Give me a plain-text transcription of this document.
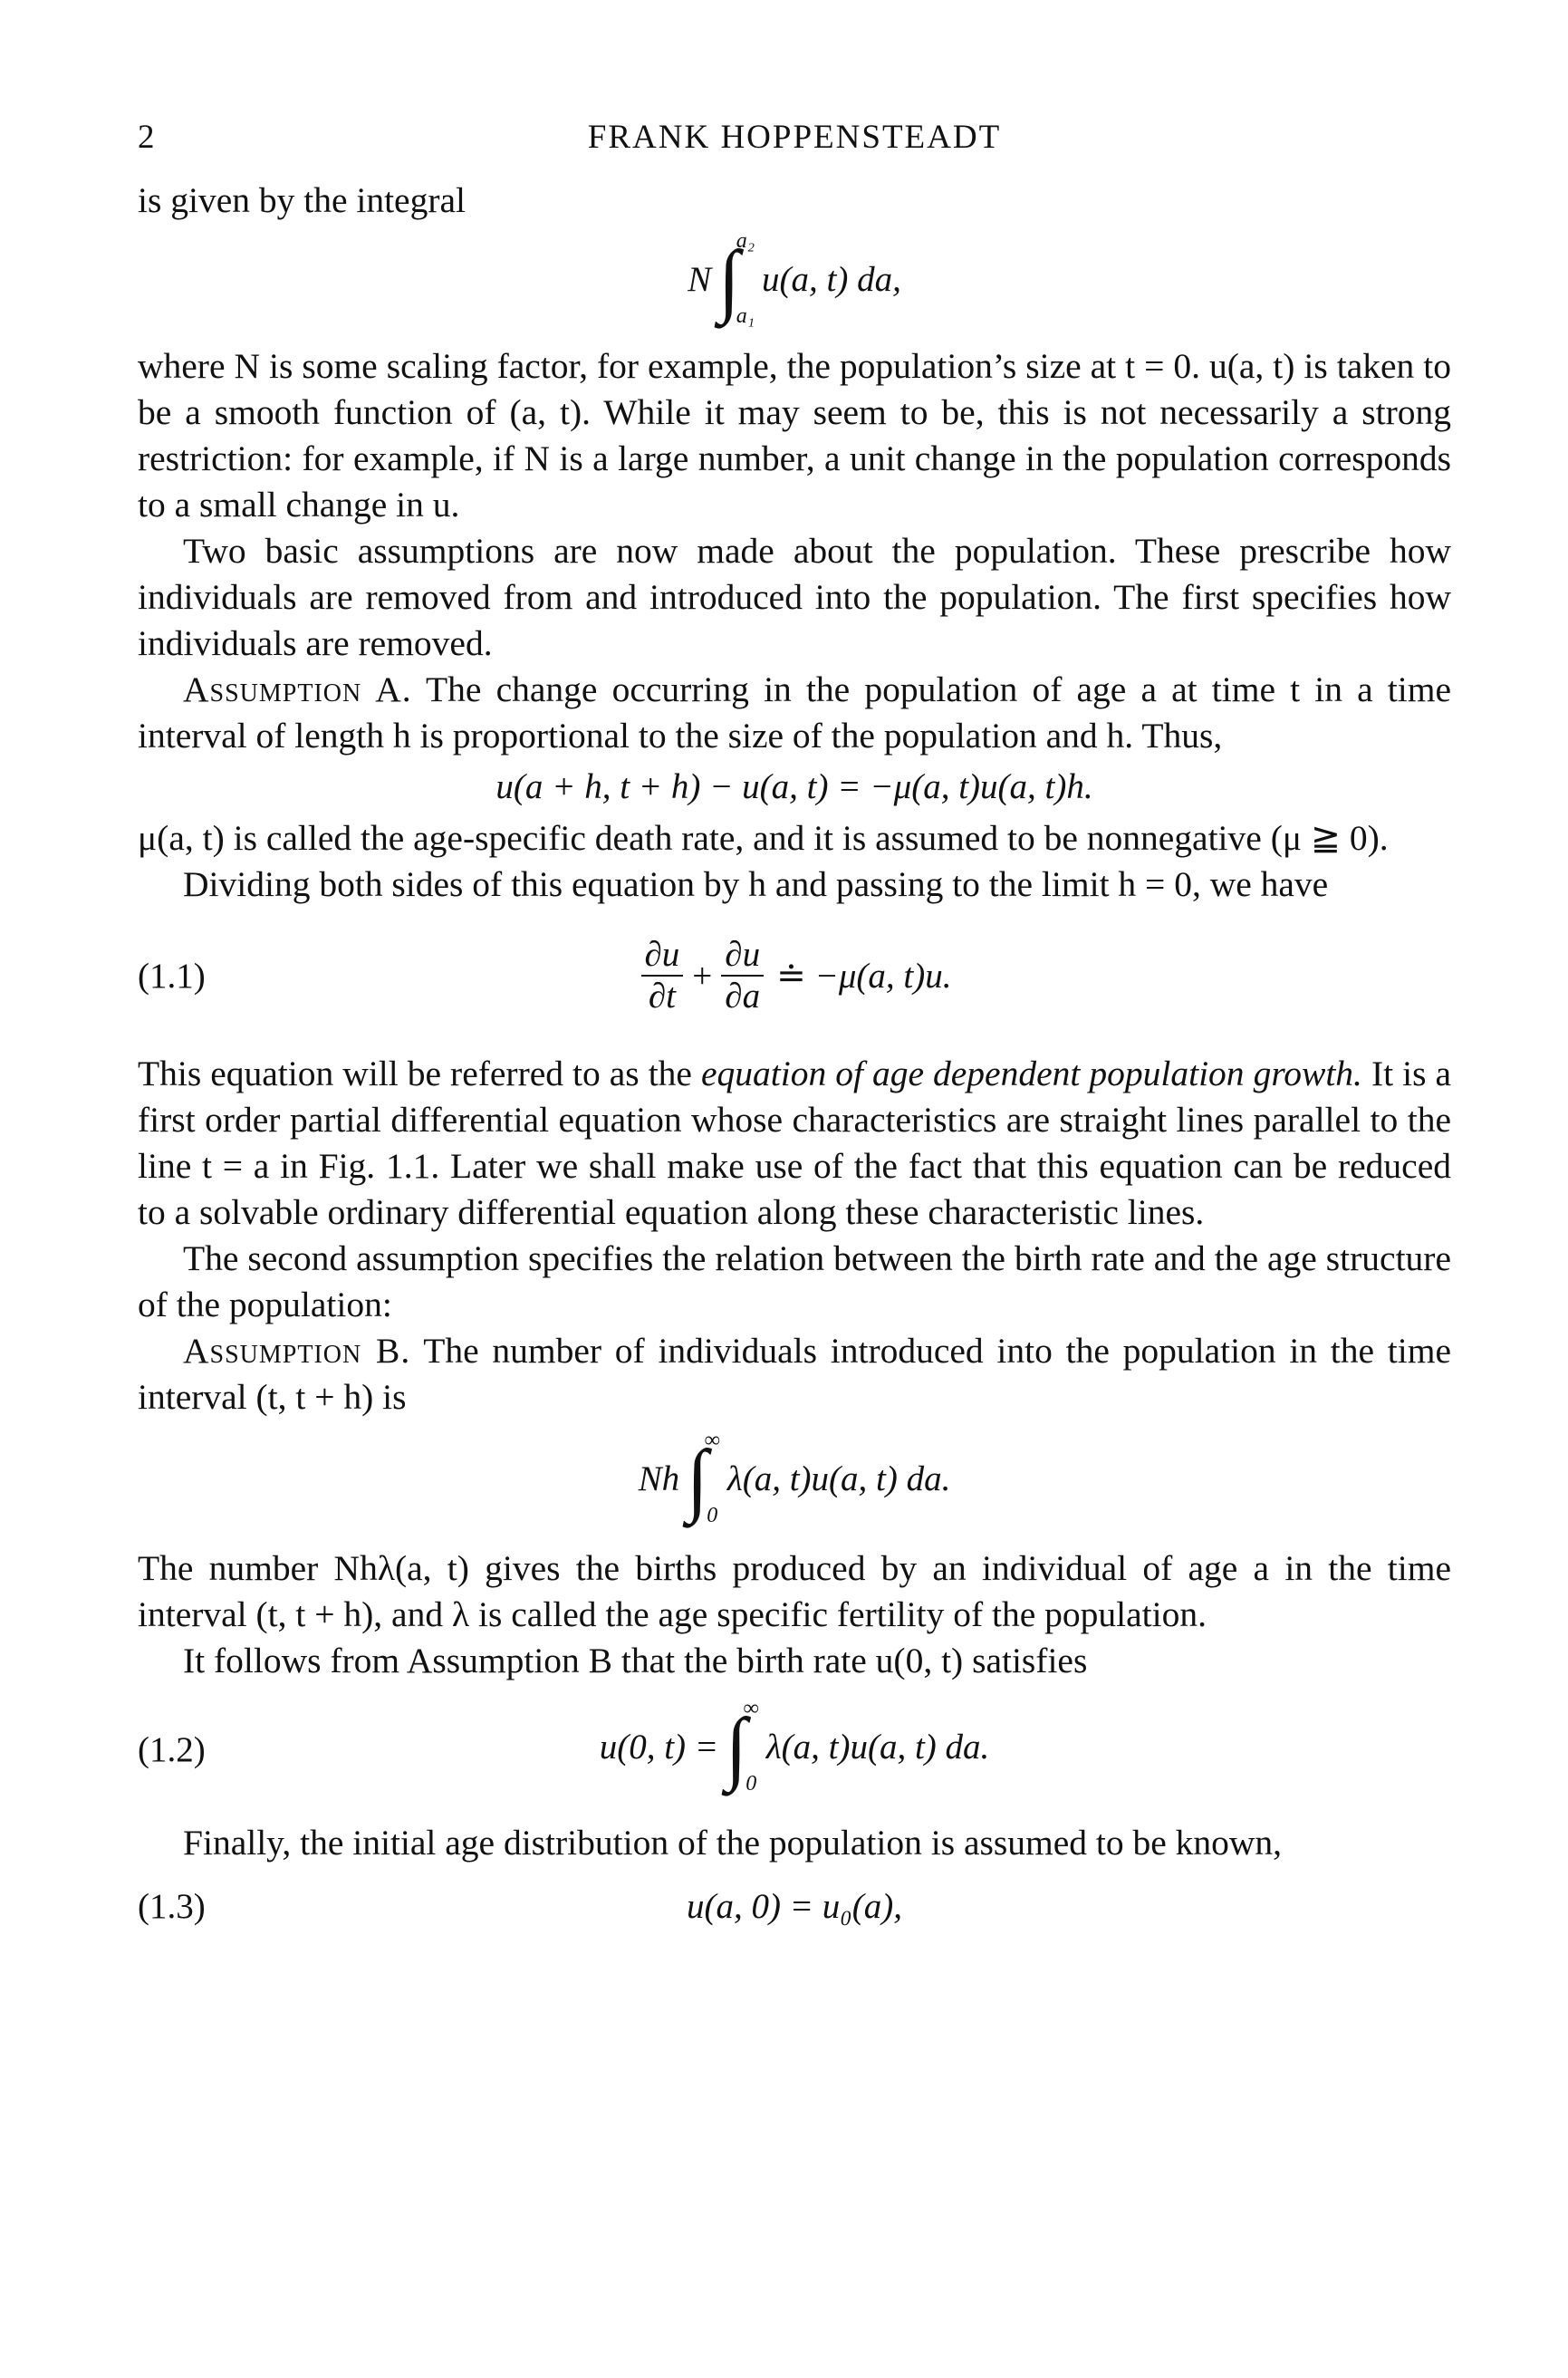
2	FRANK HOPPENSTEADT

is given by the integral

N ∫
a₂
a₁
u(a, t) da,

where N is some scaling factor, for example, the population’s size at t = 0. u(a, t) is taken to be a smooth function of (a, t). While it may seem to be, this is not necessarily a strong restriction: for example, if N is a large number, a unit change in the population corresponds to a small change in u.

Two basic assumptions are now made about the population. These prescribe how individuals are removed from and introduced into the population. The first specifies how individuals are removed.

Assumption A. The change occurring in the population of age a at time t in a time interval of length h is proportional to the size of the population and h. Thus,

u(a + h, t + h) − u(a, t) = −μ(a, t)u(a, t)h.

μ(a, t) is called the age-specific death rate, and it is assumed to be nonnegative (μ ≧ 0).

Dividing both sides of this equation by h and passing to the limit h = 0, we have

(1.1)	$\frac{\partial u}{\partial t} + \frac{\partial u}{\partial a}$ ≐ −μ(a, t)u.

This equation will be referred to as the equation of age dependent population growth. It is a first order partial differential equation whose characteristics are straight lines parallel to the line t = a in Fig. 1.1. Later we shall make use of the fact that this equation can be reduced to a solvable ordinary differential equation along these characteristic lines.

The second assumption specifies the relation between the birth rate and the age structure of the population:

Assumption B. The number of individuals introduced into the population in the time interval (t, t + h) is

Nh ∫
∞
0
λ(a, t)u(a, t) da.

The number Nhλ(a, t) gives the births produced by an individual of age a in the time interval (t, t + h), and λ is called the age specific fertility of the population.

It follows from Assumption B that the birth rate u(0, t) satisfies

(1.2)	u(0, t) = ∫
∞
0
λ(a, t)u(a, t) da.

Finally, the initial age distribution of the population is assumed to be known,

(1.3)	u(a, 0) = u₀(a),
